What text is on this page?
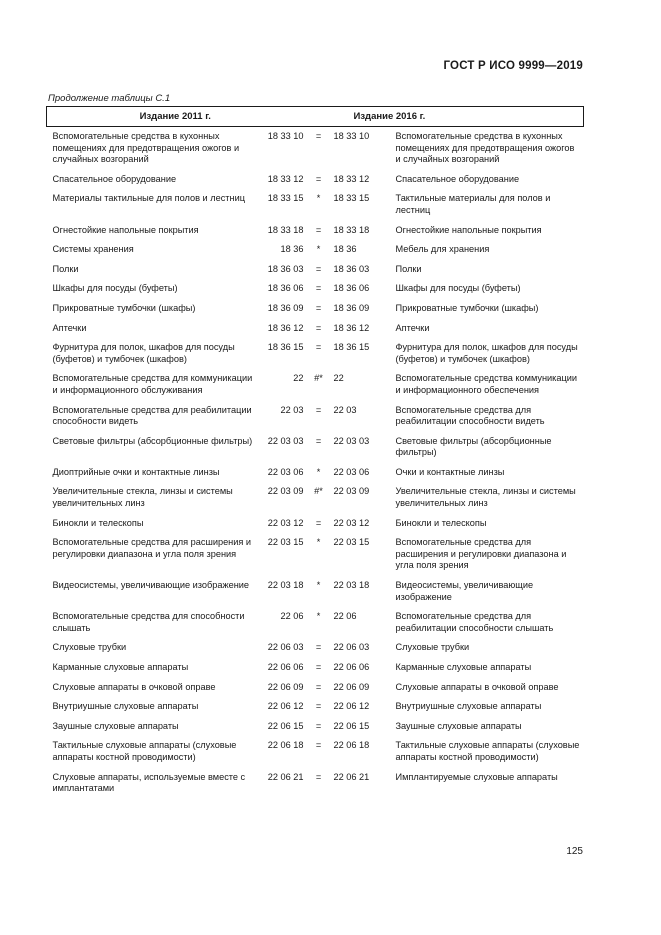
ГОСТ Р ИСО 9999—2019
Продолжение таблицы С.1
Издание 2011 г.		Издание 2016 г.		
Вспомогательные средства в кухонных помещениях для предотвращения ожогов и случайных возгораний	18 33 10	=	18 33 10	Вспомогательные средства в кухонных помещениях для предотвращения ожогов и случайных возгораний
Спасательное оборудование	18 33 12	=	18 33 12	Спасательное оборудование
Материалы тактильные для полов и лестниц	18 33 15	*	18 33 15	Тактильные материалы для полов и лестниц
Огнестойкие напольные покрытия	18 33 18	=	18 33 18	Огнестойкие напольные покрытия
Системы хранения	18 36	*	18 36	Мебель для хранения
Полки	18 36 03	=	18 36 03	Полки
Шкафы для посуды (буфеты)	18 36 06	=	18 36 06	Шкафы для посуды (буфеты)
Прикроватные тумбочки (шкафы)	18 36 09	=	18 36 09	Прикроватные тумбочки (шкафы)
Аптечки	18 36 12	=	18 36 12	Аптечки
Фурнитура для полок, шкафов для посуды (буфетов) и тумбочек (шкафов)	18 36 15	=	18 36 15	Фурнитура для полок, шкафов для посуды (буфетов) и тумбочек (шкафов)
Вспомогательные средства для коммуникации и информационного обслуживания	22	#*	22	Вспомогательные средства коммуникации и информационного обеспечения
Вспомогательные средства для реабилитации способности видеть	22 03	=	22 03	Вспомогательные средства для реабилитации способности видеть
Световые фильтры (абсорбционные фильтры)	22 03 03	=	22 03 03	Световые фильтры (абсорбционные фильтры)
Диоптрийные очки и контактные линзы	22 03 06	*	22 03 06	Очки и контактные линзы
Увеличительные стекла, линзы и системы увеличительных линз	22 03 09	#*	22 03 09	Увеличительные стекла, линзы и системы увеличительных линз
Бинокли и телескопы	22 03 12	=	22 03 12	Бинокли и телескопы
Вспомогательные средства для расширения и регулировки диапазона и угла поля зрения	22 03 15	*	22 03 15	Вспомогательные средства для расширения и регулировки диапазона и угла поля зрения
Видеосистемы, увеличивающие изображение	22 03 18	*	22 03 18	Видеосистемы, увеличивающие изображение
Вспомогательные средства для способности слышать	22 06	*	22 06	Вспомогательные средства для реабилитации способности слышать
Слуховые трубки	22 06 03	=	22 06 03	Слуховые трубки
Карманные слуховые аппараты	22 06 06	=	22 06 06	Карманные слуховые аппараты
Слуховые аппараты в очковой оправе	22 06 09	=	22 06 09	Слуховые аппараты в очковой оправе
Внутриушные слуховые аппараты	22 06 12	=	22 06 12	Внутриушные слуховые аппараты
Заушные слуховые аппараты	22 06 15	=	22 06 15	Заушные слуховые аппараты
Тактильные слуховые аппараты (слуховые аппараты костной проводимости)	22 06 18	=	22 06 18	Тактильные слуховые аппараты (слуховые аппараты костной проводимости)
Слуховые аппараты, используемые вместе с имплантатами	22 06 21	=	22 06 21	Имплантируемые слуховые аппараты
125
